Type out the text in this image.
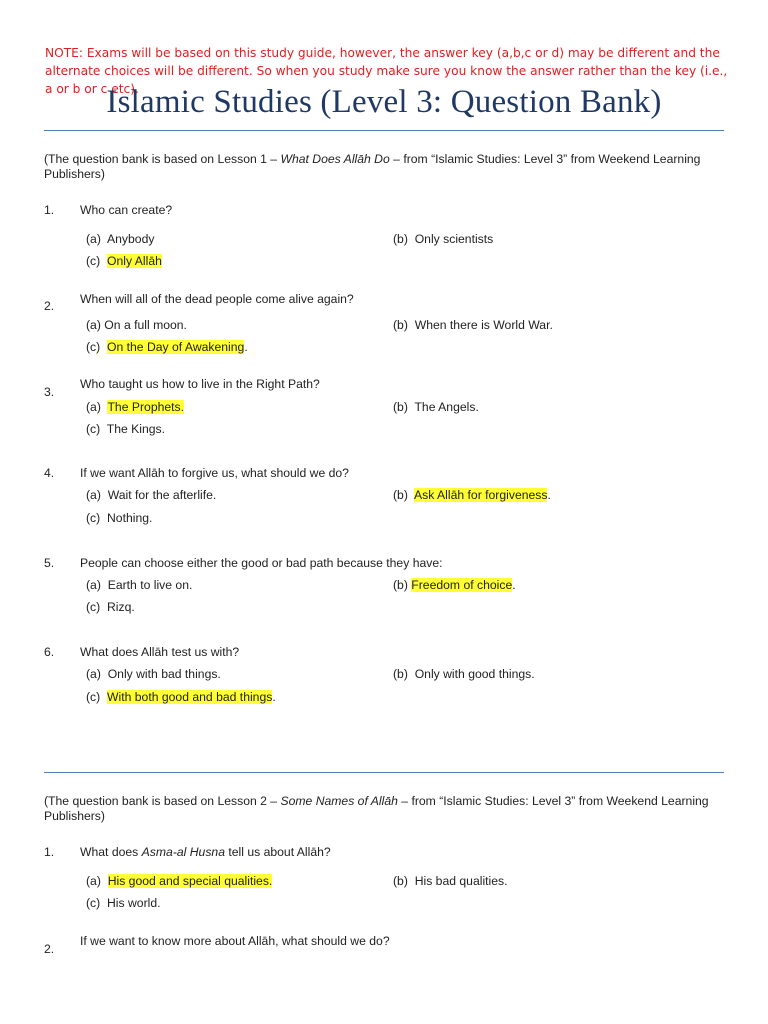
NOTE: Exams will be based on this study guide, however, the answer key (a,b,c or d) may be different and the alternate choices will be different. So when you study make sure you know the answer rather than the key (i.e., a or b or c etc).
Islamic Studies (Level 3: Question Bank)
(The question bank is based on Lesson 1 – What Does Allāh Do – from “Islamic Studies: Level 3” from Weekend Learning Publishers)
1. Who can create?
(a) Anybody	(b) Only scientists
(c) Only Allāh
2. When will all of the dead people come alive again?
(a) On a full moon.	(b) When there is World War.
(c) On the Day of Awakening.
3.
Who taught us how to live in the Right Path?
(a) The Prophets.	(b) The Angels.
(c) The Kings.
4. If we want Allāh to forgive us, what should we do?
(a) Wait for the afterlife.	(b) Ask Allāh for forgiveness.
(c) Nothing.
5. People can choose either the good or bad path because they have:
(a) Earth to live on.	(b) Freedom of choice.
(c) Rizq.
6. What does Allāh test us with?
(a) Only with bad things.	(b) Only with good things.
(c) With both good and bad things.
(The question bank is based on Lesson 2 – Some Names of Allāh – from “Islamic Studies: Level 3” from Weekend Learning Publishers)
1. What does Asma-al Husna tell us about Allāh?
(a) His good and special qualities.	(b) His bad qualities.
(c) His world.
2.
If we want to know more about Allāh, what should we do?
